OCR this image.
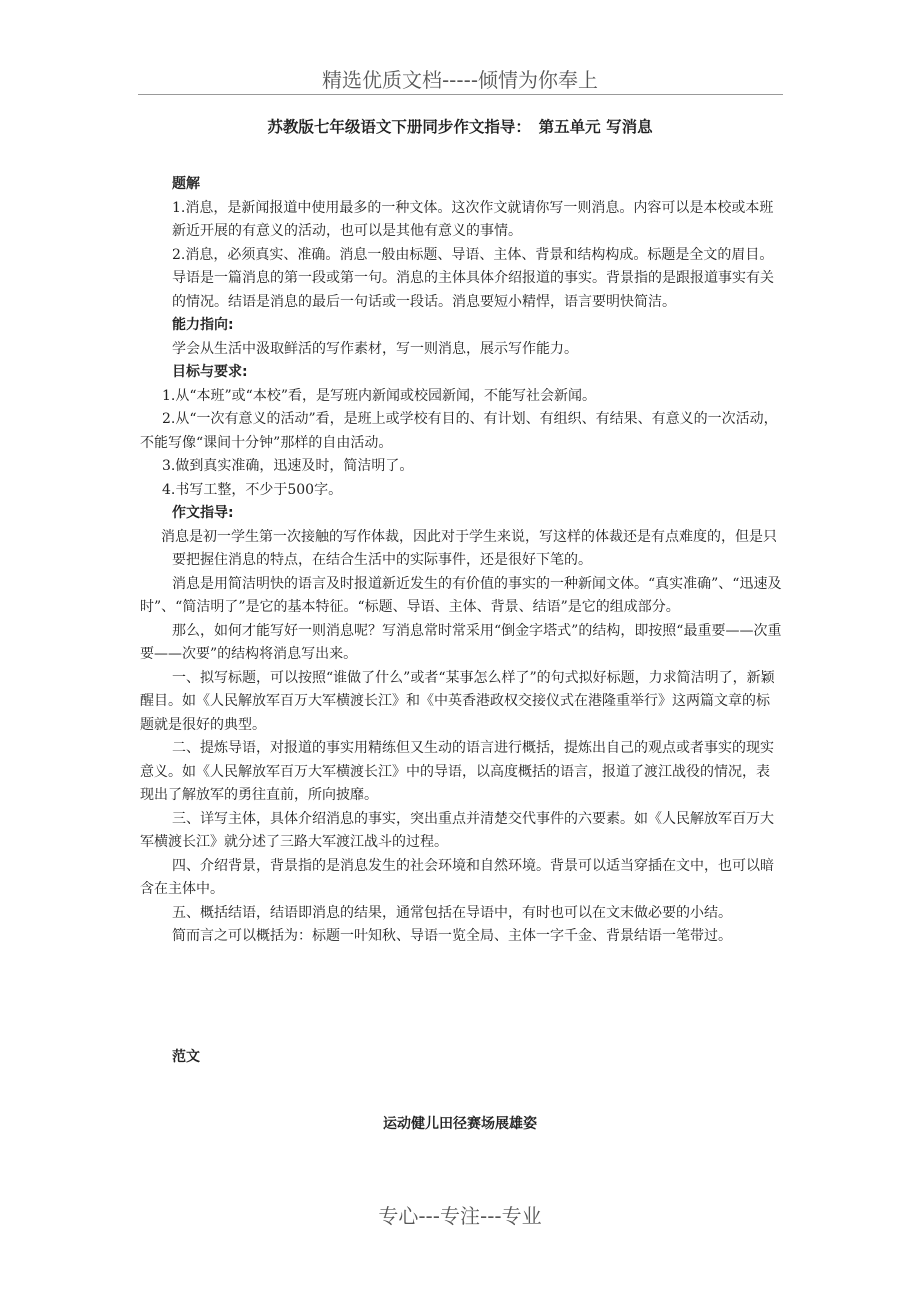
精选优质文档-----倾情为你奉上
苏教版七年级语文下册同步作文指导：　第五单元 写消息

题解

1.消息，是新闻报道中使用最多的一种文体。这次作文就请你写一则消息。内容可以是本校或本班新近开展的有意义的活动，也可以是其他有意义的事情。

2.消息，必须真实、准确。消息一般由标题、导语、主体、背景和结构构成。标题是全文的眉目。导语是一篇消息的第一段或第一句。消息的主体具体介绍报道的事实。背景指的是跟报道事实有关的情况。结语是消息的最后一句话或一段话。消息要短小精悍，语言要明快简洁。

能力指向:

学会从生活中汲取鲜活的写作素材，写一则消息，展示写作能力。

目标与要求:

1.从“本班”或“本校”看，是写班内新闻或校园新闻，不能写社会新闻。

2.从“一次有意义的活动”看，是班上或学校有目的、有计划、有组织、有结果、有意义的一次活动，不能写像“课间十分钟”那样的自由活动。

3.做到真实准确，迅速及时，简洁明了。

4.书写工整，不少于500字。

作文指导:

消息是初一学生第一次接触的写作体裁，因此对于学生来说，写这样的体裁还是有点难度的，但是只要把握住消息的特点，在结合生活中的实际事件，还是很好下笔的。

消息是用简洁明快的语言及时报道新近发生的有价值的事实的一种新闻文体。“真实准确”、“迅速及时”、“简洁明了”是它的基本特征。“标题、导语、主体、背景、结语”是它的组成部分。

那么，如何才能写好一则消息呢？写消息常时常采用“倒金字塔式”的结构，即按照“最重要——次重要——次要”的结构将消息写出来。

一、拟写标题，可以按照“谁做了什么”或者“某事怎么样了”的句式拟好标题，力求简洁明了，新颖醒目。如《人民解放军百万大军横渡长江》和《中英香港政权交接仪式在港隆重举行》这两篇文章的标题就是很好的典型。

二、提炼导语，对报道的事实用精练但又生动的语言进行概括，提炼出自己的观点或者事实的现实意义。如《人民解放军百万大军横渡长江》中的导语，以高度概括的语言，报道了渡江战役的情况，表现出了解放军的勇往直前，所向披靡。

三、详写主体，具体介绍消息的事实，突出重点并清楚交代事件的六要素。如《人民解放军百万大军横渡长江》就分述了三路大军渡江战斗的过程。

四、介绍背景，背景指的是消息发生的社会环境和自然环境。背景可以适当穿插在文中，也可以暗含在主体中。

五、概括结语，结语即消息的结果，通常包括在导语中，有时也可以在文末做必要的小结。

简而言之可以概括为：标题一叶知秋、导语一览全局、主体一字千金、背景结语一笔带过。

范文
运动健儿田径赛场展雄姿
专心---专注---专业
